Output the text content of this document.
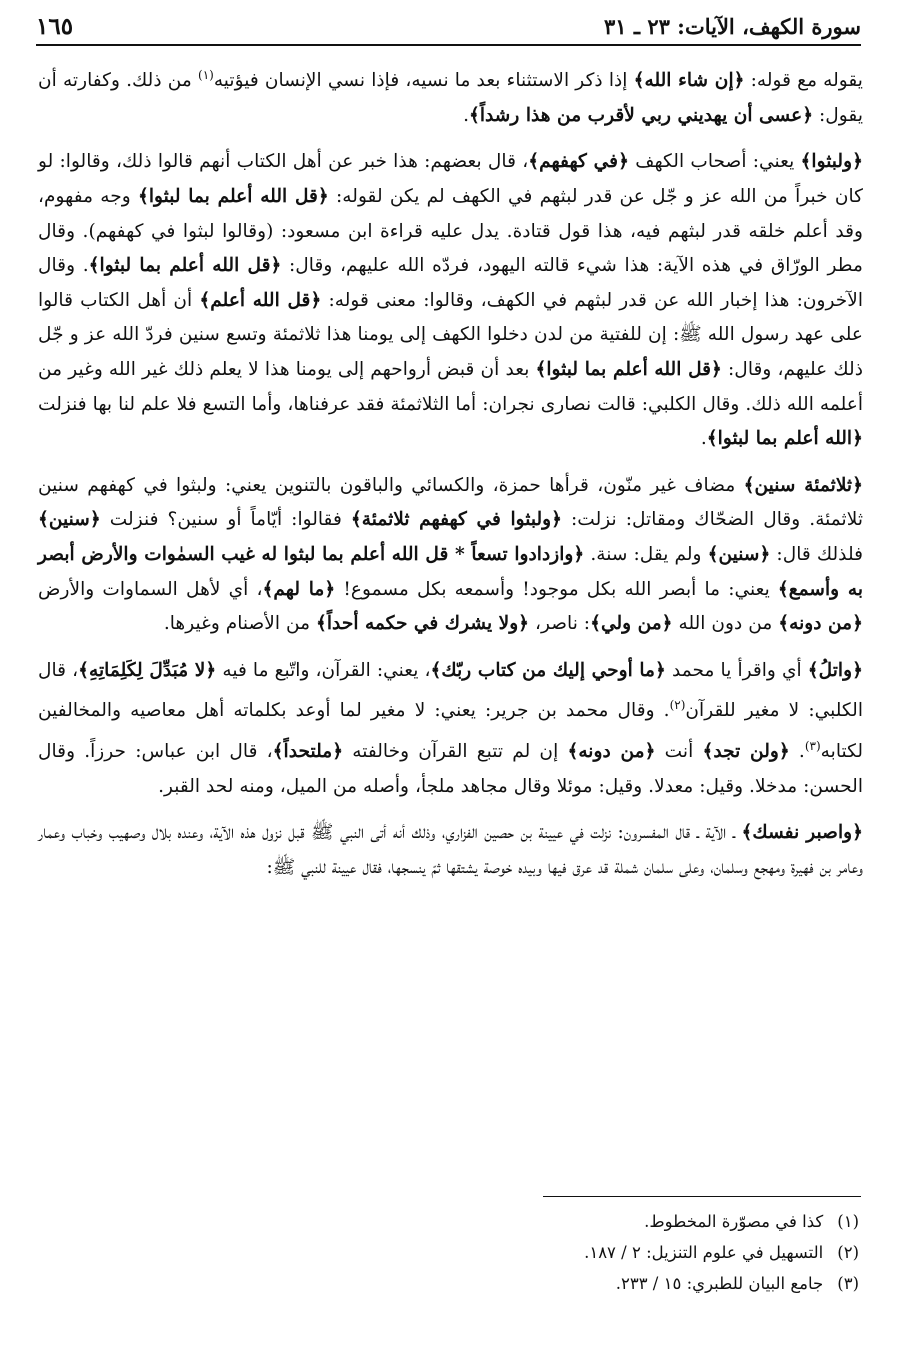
سورة الكهف، الآيات: ٢٣ ـ ٣١
١٦٥

يقوله مع قوله: ﴿إن شاء الله﴾ إذا ذكر الاستثناء بعد ما نسيه، فإذا نسي الإنسان فيؤتيه$^{(١)}$ من ذلك. وكفارته أن يقول: ﴿عسى أن يهديني ربي لأقرب من هذا رشداً﴾.

﴿ولبثوا﴾ يعني: أصحاب الكهف ﴿في كهفهم﴾، قال بعضهم: هذا خبر عن أهل الكتاب أنهم قالوا ذلك، وقالوا: لو كان خبراً من الله عز و جّل عن قدر لبثهم في الكهف لم يكن لقوله: ﴿قل الله أعلم بما لبثوا﴾ وجه مفهوم، وقد أعلم خلقه قدر لبثهم فيه، هذا قول قتادة. يدل عليه قراءة ابن مسعود: (وقالوا لبثوا في كهفهم). وقال مطر الورّاق في هذه الآية: هذا شيء قالته اليهود، فردّه الله عليهم، وقال: ﴿قل الله أعلم بما لبثوا﴾. وقال الآخرون: هذا إخبار الله عن قدر لبثهم في الكهف، وقالوا: معنى قوله: ﴿قل الله أعلم﴾ أن أهل الكتاب قالوا على عهد رسول الله ﷺ: إن للفتية من لدن دخلوا الكهف إلى يومنا هذا ثلاثمئة وتسع سنين فردّ الله عز و جّل ذلك عليهم، وقال: ﴿قل الله أعلم بما لبثوا﴾ بعد أن قبض أرواحهم إلى يومنا هذا لا يعلم ذلك غير الله وغير من أعلمه الله ذلك. وقال الكلبي: قالت نصارى نجران: أما الثلاثمئة فقد عرفناها، وأما التسع فلا علم لنا بها فنزلت ﴿الله أعلم بما لبثوا﴾.

﴿ثلاثمئة سنين﴾ مضاف غير منّون، قرأها حمزة، والكسائي والباقون بالتنوين يعني: ولبثوا في كهفهم سنين ثلاثمئة. وقال الضحّاك ومقاتل: نزلت: ﴿ولبثوا في كهفهم ثلاثمئة﴾ فقالوا: أيّاماً أو سنين؟ فنزلت ﴿سنين﴾ فلذلك قال: ﴿سنين﴾ ولم يقل: سنة. ﴿وازدادوا تسعاً * قل الله أعلم بما لبثوا له غيب السمٰوات والأرض أبصر به وأسمع﴾ يعني: ما أبصر الله بكل موجود! وأسمعه بكل مسموع! ﴿ما لهم﴾، أي لأهل السماوات والأرض ﴿من دونه﴾ من دون الله ﴿من ولي﴾: ناصر، ﴿ولا يشرك في حكمه أحداً﴾ من الأصنام وغيرها.

﴿واتلُ﴾ أي واقرأ يا محمد ﴿ما أوحي إليك من كتاب ربّك﴾، يعني: القرآن، واتّبع ما فيه ﴿لا مُبَدِّلَ لِكَلِمَاتِهِ﴾، قال الكلبي: لا مغير للقرآن$^{(٢)}$. وقال محمد بن جرير: يعني: لا مغير لما أوعد بكلماته أهل معاصيه والمخالفين لكتابه$^{(٣)}$. ﴿ولن تجد﴾ أنت ﴿من دونه﴾ إن لم تتبع القرآن وخالفته ﴿ملتحداً﴾، قال ابن عباس: حرزاً. وقال الحسن: مدخلا. وقيل: معدلا. وقيل: موئلا وقال مجاهد ملجأ، وأصله من الميل، ومنه لحد القبر.

﴿واصبر نفسك﴾ ـ الآية ـ قال المفسرون: نزلت في عيينة بن حصين الفزاري، وذلك أنه أتى النبي ﷺ قبل نزول هذه الآية، وعنده بلال وصهيب وخباب وعمار وعامر بن فهيرة ومهجع وسلمان، وعلى سلمان شملة قد عرق فيها وبيده خوصة يشتقها ثمّ ينسجها، فقال عيينة للنبي ﷺ:

(١)
كذا في مصوّرة المخطوط.
(٢)
التسهيل في علوم التنزيل: ٢ / ١٨٧.
(٣)
جامع البيان للطبري: ١٥ / ٢٣٣.
